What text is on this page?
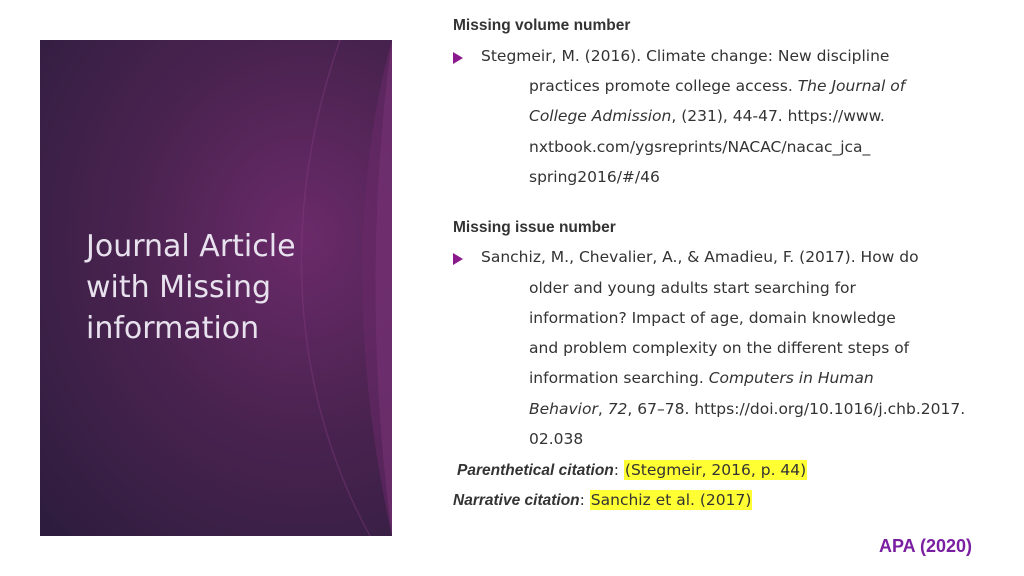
Journal Article
with Missing
information
Missing volume number
Stegmeir, M. (2016). Climate change: New discipline
practices promote college access. The Journal of
College Admission, (231), 44-47. https://www.
nxtbook.com/ygsreprints/NACAC/nacac_jca_
spring2016/#/46
Missing issue number
Sanchiz, M., Chevalier, A., & Amadieu, F. (2017). How do
older and young adults start searching for
information? Impact of age, domain knowledge
and problem complexity on the different steps of
information searching. Computers in Human
Behavior, 72, 67–78. https://doi.org/10.1016/j.chb.2017.
02.038
Parenthetical citation: (Stegmeir, 2016, p. 44)
Narrative citation: Sanchiz et al. (2017)
APA (2020)
